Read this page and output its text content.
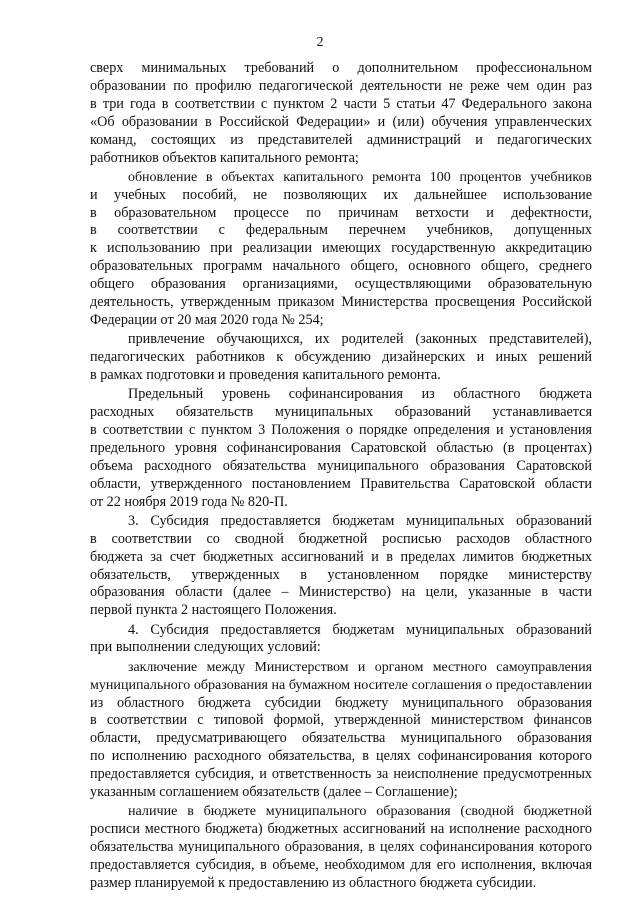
2
сверх минимальных требований о дополнительном профессиональном
образовании по профилю педагогической деятельности не реже чем один раз
в три года в соответствии с пунктом 2 части 5 статьи 47 Федерального закона
«Об образовании в Российской Федерации» и (или) обучения управленческих
команд, состоящих из представителей администраций и педагогических
работников объектов капитального ремонта;
обновление в объектах капитального ремонта 100 процентов учебников
и учебных пособий, не позволяющих их дальнейшее использование
в образовательном процессе по причинам ветхости и дефектности,
в соответствии с федеральным перечнем учебников, допущенных
к использованию при реализации имеющих государственную аккредитацию
образовательных программ начального общего, основного общего, среднего
общего образования организациями, осуществляющими образовательную
деятельность, утвержденным приказом Министерства просвещения Российской
Федерации от 20 мая 2020 года № 254;
привлечение обучающихся, их родителей (законных представителей),
педагогических работников к обсуждению дизайнерских и иных решений
в рамках подготовки и проведения капитального ремонта.
Предельный уровень софинансирования из областного бюджета
расходных обязательств муниципальных образований устанавливается
в соответствии с пунктом 3 Положения о порядке определения и установления
предельного уровня софинансирования Саратовской областью (в процентах)
объема расходного обязательства муниципального образования Саратовской
области, утвержденного постановлением Правительства Саратовской области
от 22 ноября 2019 года № 820-П.
3. Субсидия предоставляется бюджетам муниципальных образований
в соответствии со сводной бюджетной росписью расходов областного
бюджета за счет бюджетных ассигнований и в пределах лимитов бюджетных
обязательств, утвержденных в установленном порядке министерству
образования области (далее – Министерство) на цели, указанные в части
первой пункта 2 настоящего Положения.
4. Субсидия предоставляется бюджетам муниципальных образований
при выполнении следующих условий:
заключение между Министерством и органом местного самоуправления
муниципального образования на бумажном носителе соглашения о предоставлении
из областного бюджета субсидии бюджету муниципального образования
в соответствии с типовой формой, утвержденной министерством финансов
области, предусматривающего обязательства муниципального образования
по исполнению расходного обязательства, в целях софинансирования которого
предоставляется субсидия, и ответственность за неисполнение предусмотренных
указанным соглашением обязательств (далее – Соглашение);
наличие в бюджете муниципального образования (сводной бюджетной
росписи местного бюджета) бюджетных ассигнований на исполнение расходного
обязательства муниципального образования, в целях софинансирования которого
предоставляется субсидия, в объеме, необходимом для его исполнения, включая
размер планируемой к предоставлению из областного бюджета субсидии.
